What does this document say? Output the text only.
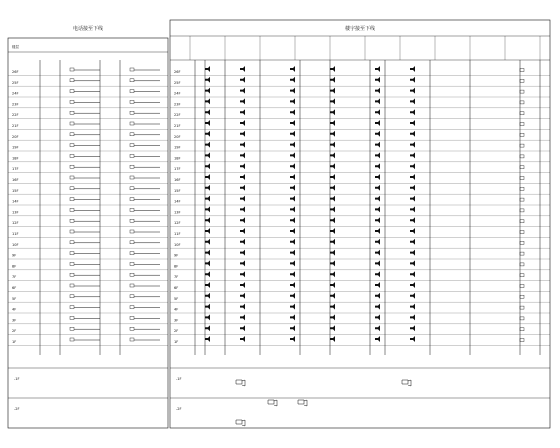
电话接至下线	楼宇接至下线
楼层
26F
25F
24F
23F
22F
21F
20F
19F
18F
17F
16F
15F
14F
13F
12F
11F
10F
9F
8F
7F
6F
5F
4F
3F
2F
1F
-1F
-2F
26F
25F
24F
23F
22F
21F
20F
19F
18F
17F
16F
15F
14F
13F
12F
11F
10F
9F
8F
7F
6F
5F
4F
3F
2F
1F
-1F
-2F
